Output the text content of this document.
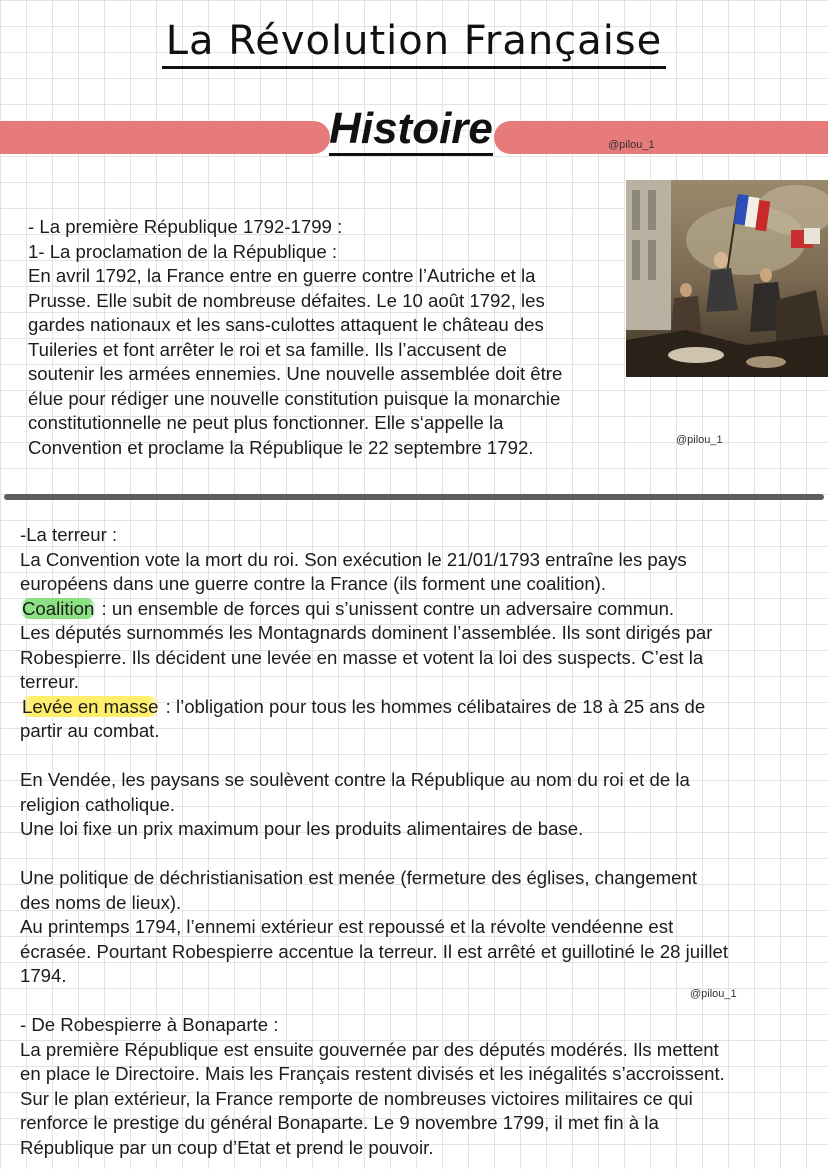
La Révolution Française
Histoire	@pilou_1
@pilou_1

- La première République 1792-1799 :

1- La proclamation de la République :

En avril 1792, la France entre en guerre contre l’Autriche et la

Prusse. Elle subit de nombreuse défaites. Le 10 août 1792, les

gardes nationaux et les sans-culottes attaquent le château des

Tuileries et font arrêter le roi et sa famille. Ils l’accusent de

soutenir les armées ennemies. Une nouvelle assemblée doit être

élue pour rédiger une nouvelle constitution puisque la monarchie

constitutionnelle ne peut plus fonctionner. Elle s‘appelle la

Convention et proclame la République le 22 septembre 1792.

-La terreur :

La Convention vote la mort du roi. Son exécution le 21/01/1793 entraîne les pays

européens dans une guerre contre la France (ils forment une coalition).

Coalition : un ensemble de forces qui s’unissent contre un adversaire commun.

Les députés surnommés les Montagnards dominent l’assemblée. Ils sont dirigés par

Robespierre. Ils décident une levée en masse et votent la loi des suspects. C’est la

terreur.

Levée en masse : l’obligation pour tous les hommes célibataires de 18 à 25 ans de

partir au combat.

En Vendée, les paysans se soulèvent contre la République au nom du roi et de la

religion catholique.

Une loi fixe un prix maximum pour les produits alimentaires de base.

Une politique de déchristianisation est menée (fermeture des églises, changement

des noms de lieux).

Au printemps 1794, l’ennemi extérieur est repoussé et la révolte vendéenne est

écrasée. Pourtant Robespierre accentue la terreur. Il est arrêté et guillotiné le 28 juillet

1794.

@pilou_1

- De Robespierre à Bonaparte :

La première République est ensuite gouvernée par des députés modérés. Ils mettent

en place le Directoire. Mais les Français restent divisés et les inégalités s’accroissent.

Sur le plan extérieur, la France remporte de nombreuses victoires militaires ce qui

renforce le prestige du général Bonaparte. Le 9 novembre 1799, il met fin à la

République par un coup d’Etat et prend le pouvoir.
